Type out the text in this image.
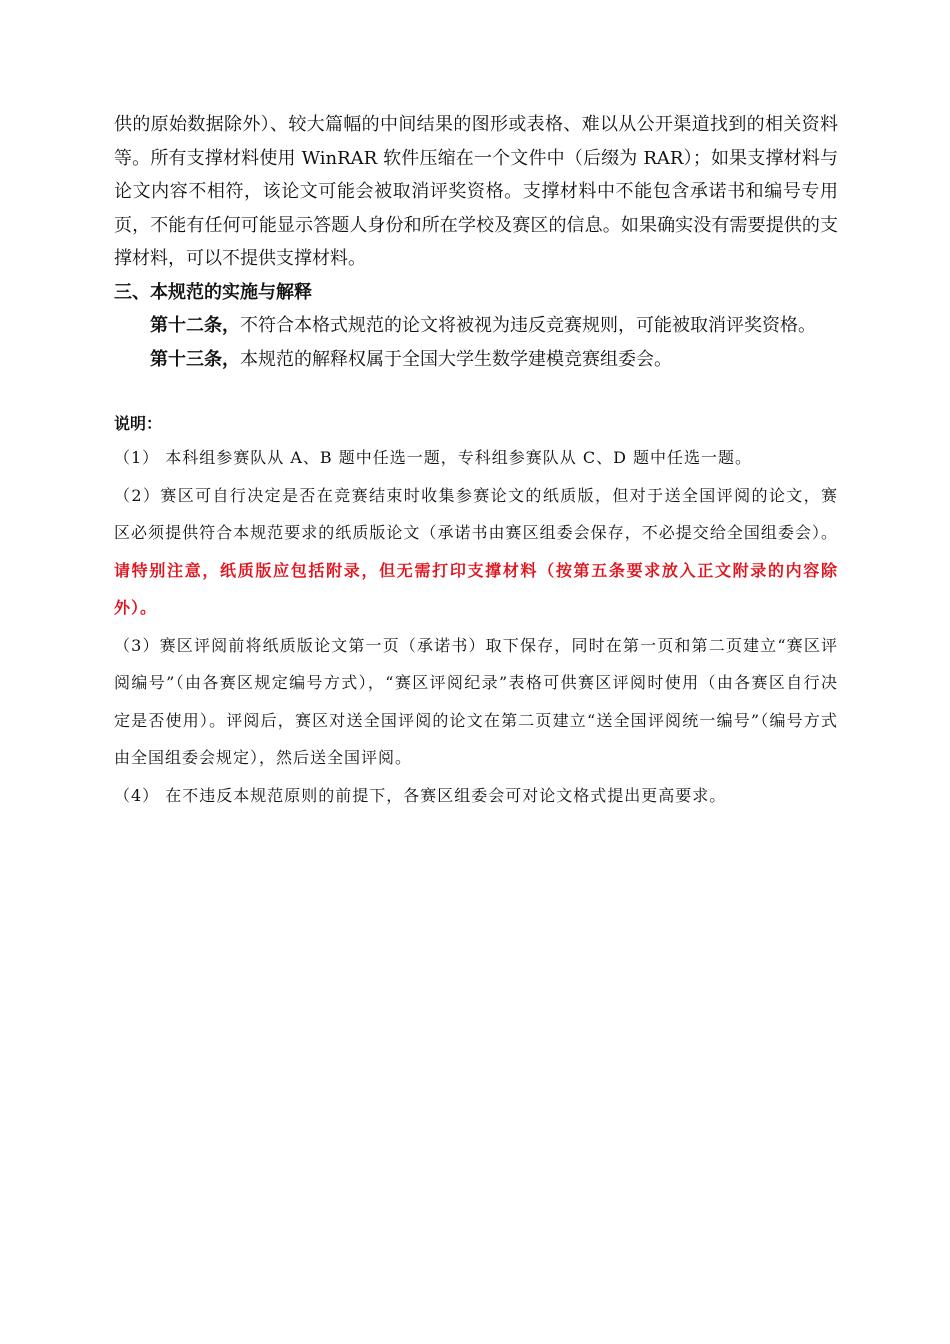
供的原始数据除外）、较大篇幅的中间结果的图形或表格、难以从公开渠道找到的相关资料等。所有支撑材料使用 WinRAR 软件压缩在一个文件中（后缀为 RAR）；如果支撑材料与论文内容不相符，该论文可能会被取消评奖资格。支撑材料中不能包含承诺书和编号专用页，不能有任何可能显示答题人身份和所在学校及赛区的信息。如果确实没有需要提供的支撑材料，可以不提供支撑材料。

三、本规范的实施与解释

第十二条，不符合本格式规范的论文将被视为违反竞赛规则，可能被取消评奖资格。

第十三条，本规范的解释权属于全国大学生数学建模竞赛组委会。

说明：

（1） 本科组参赛队从 A、B 题中任选一题，专科组参赛队从 C、D 题中任选一题。

（2）赛区可自行决定是否在竞赛结束时收集参赛论文的纸质版，但对于送全国评阅的论文，赛区必须提供符合本规范要求的纸质版论文（承诺书由赛区组委会保存，不必提交给全国组委会）。请特别注意，纸质版应包括附录，但无需打印支撑材料（按第五条要求放入正文附录的内容除外）。

（3）赛区评阅前将纸质版论文第一页（承诺书）取下保存，同时在第一页和第二页建立“赛区评阅编号”（由各赛区规定编号方式），“赛区评阅纪录”表格可供赛区评阅时使用（由各赛区自行决定是否使用）。评阅后，赛区对送全国评阅的论文在第二页建立“送全国评阅统一编号”（编号方式由全国组委会规定），然后送全国评阅。

（4） 在不违反本规范原则的前提下，各赛区组委会可对论文格式提出更高要求。
